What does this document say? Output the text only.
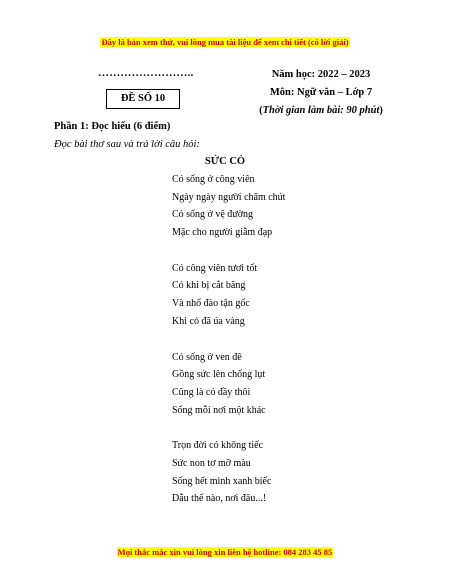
Đây là bản xem thử, vui lòng mua tài liệu để xem chi tiết (có lời giải)
……………………..
ĐỀ SỐ 10
Năm học: 2022 – 2023
Môn: Ngữ văn – Lớp 7
(Thời gian làm bài: 90 phút)
Phần 1: Đọc hiểu (6 điểm)
Đọc bài thơ sau và trả lời câu hỏi:
SỨC CỎ
Có sống ở công viên
Ngày ngày người chăm chút
Cỏ sống ở vệ đường
Mặc cho người giẫm đạp
Có công viên tươi tốt
Có khi bị cắt băng
Và nhổ đào tận gốc
Khi có đã úa vàng
Có sống ở ven đê
Gồng sức lên chống lụt
Cũng là có đầy thôi
Sống mỗi nơi một khác
Trọn đời có không tiếc
Sức non tơ mỡ màu
Sống hết mình xanh biếc
Dẫu thế nào, nơi đâu...!
Mọi thắc mắc xin vui lòng xin liên hệ hotline: 084 283 45 85
